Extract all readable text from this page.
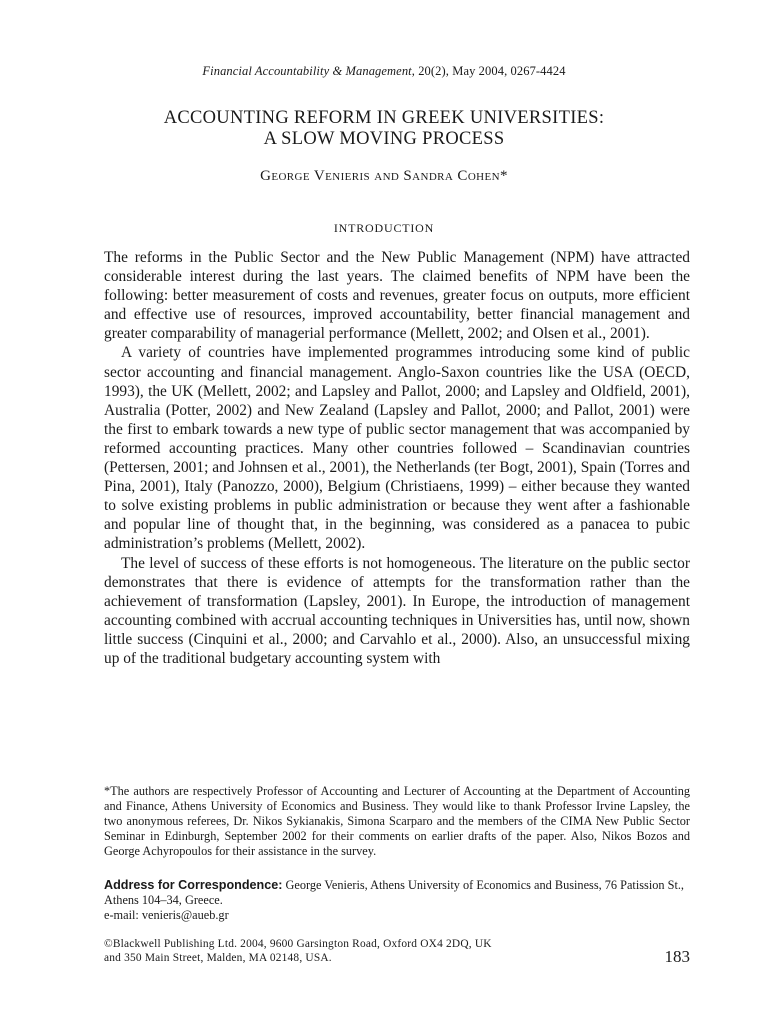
Financial Accountability & Management, 20(2), May 2004, 0267-4424
ACCOUNTING REFORM IN GREEK UNIVERSITIES:
A SLOW MOVING PROCESS
George Venieris and Sandra Cohen*
INTRODUCTION

The reforms in the Public Sector and the New Public Management (NPM) have attracted considerable interest during the last years. The claimed benefits of NPM have been the following: better measurement of costs and revenues, greater focus on outputs, more efficient and effective use of resources, improved accountability, better financial management and greater comparability of managerial performance (Mellett, 2002; and Olsen et al., 2001).

A variety of countries have implemented programmes introducing some kind of public sector accounting and financial management. Anglo-Saxon countries like the USA (OECD, 1993), the UK (Mellett, 2002; and Lapsley and Pallot, 2000; and Lapsley and Oldfield, 2001), Australia (Potter, 2002) and New Zealand (Lapsley and Pallot, 2000; and Pallot, 2001) were the first to embark towards a new type of public sector management that was accompanied by reformed accounting practices. Many other countries followed – Scandinavian countries (Pettersen, 2001; and Johnsen et al., 2001), the Netherlands (ter Bogt, 2001), Spain (Torres and Pina, 2001), Italy (Panozzo, 2000), Belgium (Christiaens, 1999) – either because they wanted to solve existing problems in public administration or because they went after a fashionable and popular line of thought that, in the beginning, was considered as a panacea to pubic administration’s problems (Mellett, 2002).

The level of success of these efforts is not homogeneous. The literature on the public sector demonstrates that there is evidence of attempts for the transformation rather than the achievement of transformation (Lapsley, 2001). In Europe, the introduction of management accounting combined with accrual accounting techniques in Universities has, until now, shown little success (Cinquini et al., 2000; and Carvahlo et al., 2000). Also, an unsuccessful mixing up of the traditional budgetary accounting system with

*The authors are respectively Professor of Accounting and Lecturer of Accounting at the Department of Accounting and Finance, Athens University of Economics and Business. They would like to thank Professor Irvine Lapsley, the two anonymous referees, Dr. Nikos Sykianakis, Simona Scarparo and the members of the CIMA New Public Sector Seminar in Edinburgh, September 2002 for their comments on earlier drafts of the paper. Also, Nikos Bozos and George Achyropoulos for their assistance in the survey.

Address for Correspondence: George Venieris, Athens University of Economics and Business, 76 Patission St., Athens 104–34, Greece.

e-mail: venieris@aueb.gr

©Blackwell Publishing Ltd. 2004, 9600 Garsington Road, Oxford OX4 2DQ, UK

and 350 Main Street, Malden, MA 02148, USA.	183
